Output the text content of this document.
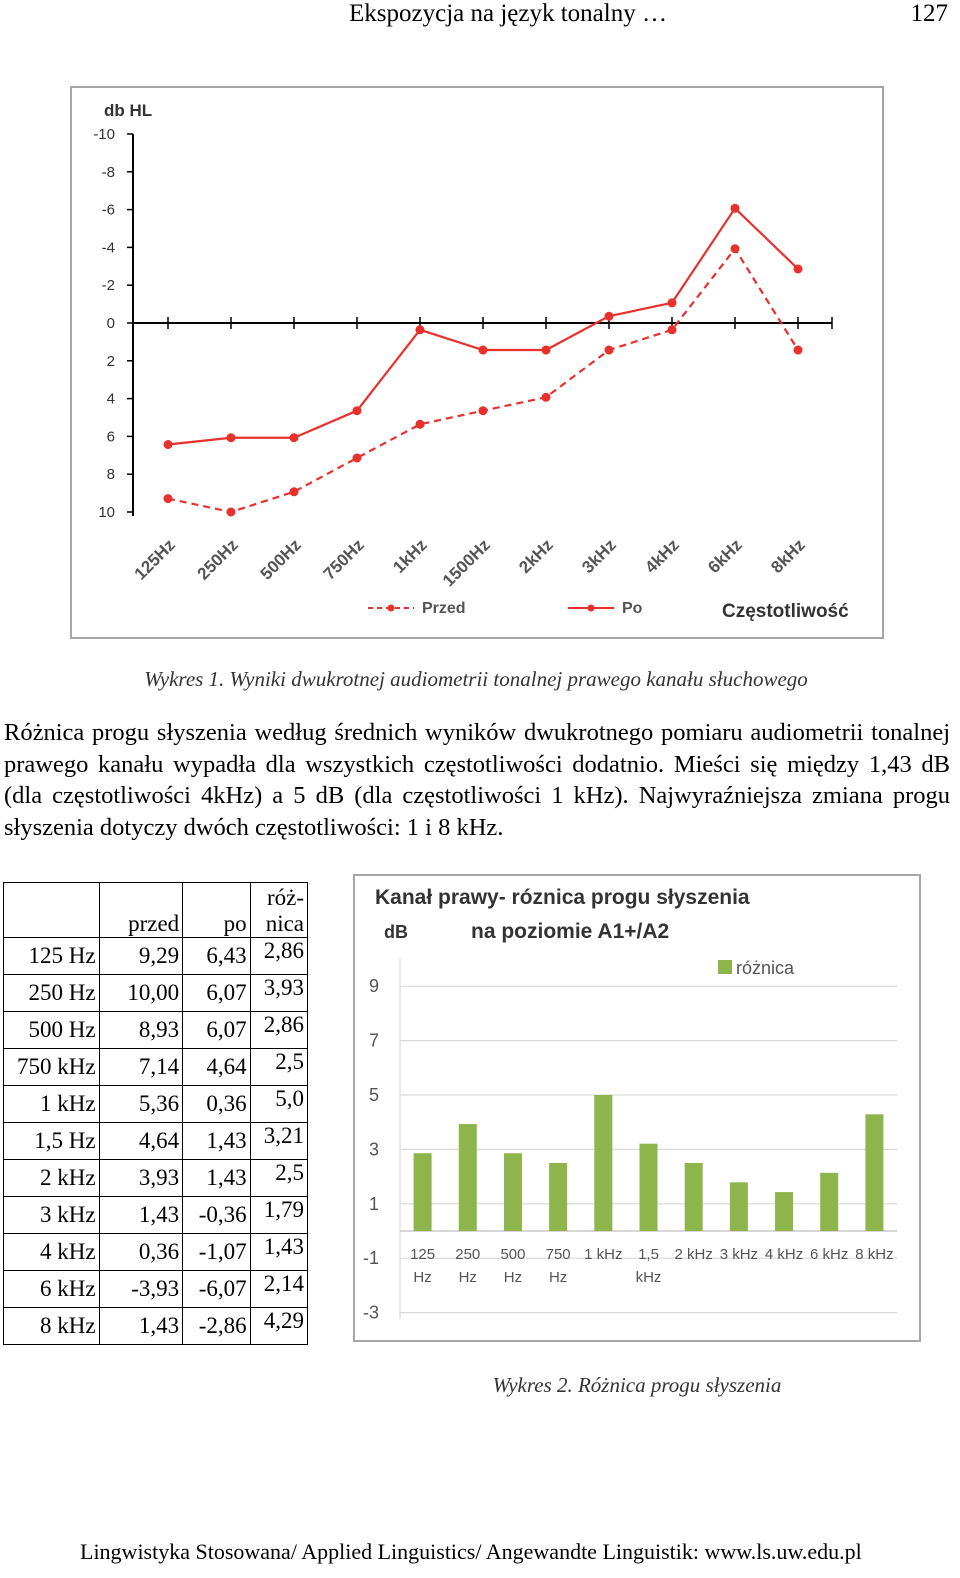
Ekspozycja na język tonalny …	127
-10
-8
-6
-4
-2
0
2
4
6
8
10
db HL
125Hz 250Hz 500Hz 750Hz 1kHz 1500Hz 2kHz 3kHz 4kHz 6kHz 8kHz
Przed	Po	Częstotliwość
Wykres 1. Wyniki dwukrotnej audiometrii tonalnej prawego kanału słuchowego

Różnica progu słyszenia według średnich wyników dwukrotnego pomiaru audiometrii tonalnej prawego kanału wypadła dla wszystkich częstotliwości dodatnio. Mieści się między 1,43 dB (dla częstotliwości 4kHz) a 5 dB (dla częstotliwości 1 kHz). Najwyraźniejsza zmiana progu słyszenia dotyczy dwóch częstotliwości: 1 i 8 kHz.

	przed	po	róż-
nica
125 Hz	9,29	6,43	2,86
250 Hz	10,00	6,07	3,93
500 Hz	8,93	6,07	2,86
750 kHz	7,14	4,64	2,5
1 kHz	5,36	0,36	5,0
1,5 Hz	4,64	1,43	3,21
2 kHz	3,93	1,43	2,5
3 kHz	1,43	-0,36	1,79
4 kHz	0,36	-1,07	1,43
6 kHz	-3,93	-6,07	2,14
8 kHz	1,43	-2,86	4,29
Kanał prawy- róznica progu słyszenia
na poziomie A1+/A2
dB
różnica
9
7
5
3
1
-1
-3
125
Hz
250
Hz
500
Hz
750
Hz
1 kHz 1,5
kHz
2 kHz 3 kHz 4 kHz 6 kHz 8 kHz
Wykres 2. Różnica progu słyszenia
Lingwistyka Stosowana/ Applied Linguistics/ Angewandte Linguistik: www.ls.uw.edu.pl
